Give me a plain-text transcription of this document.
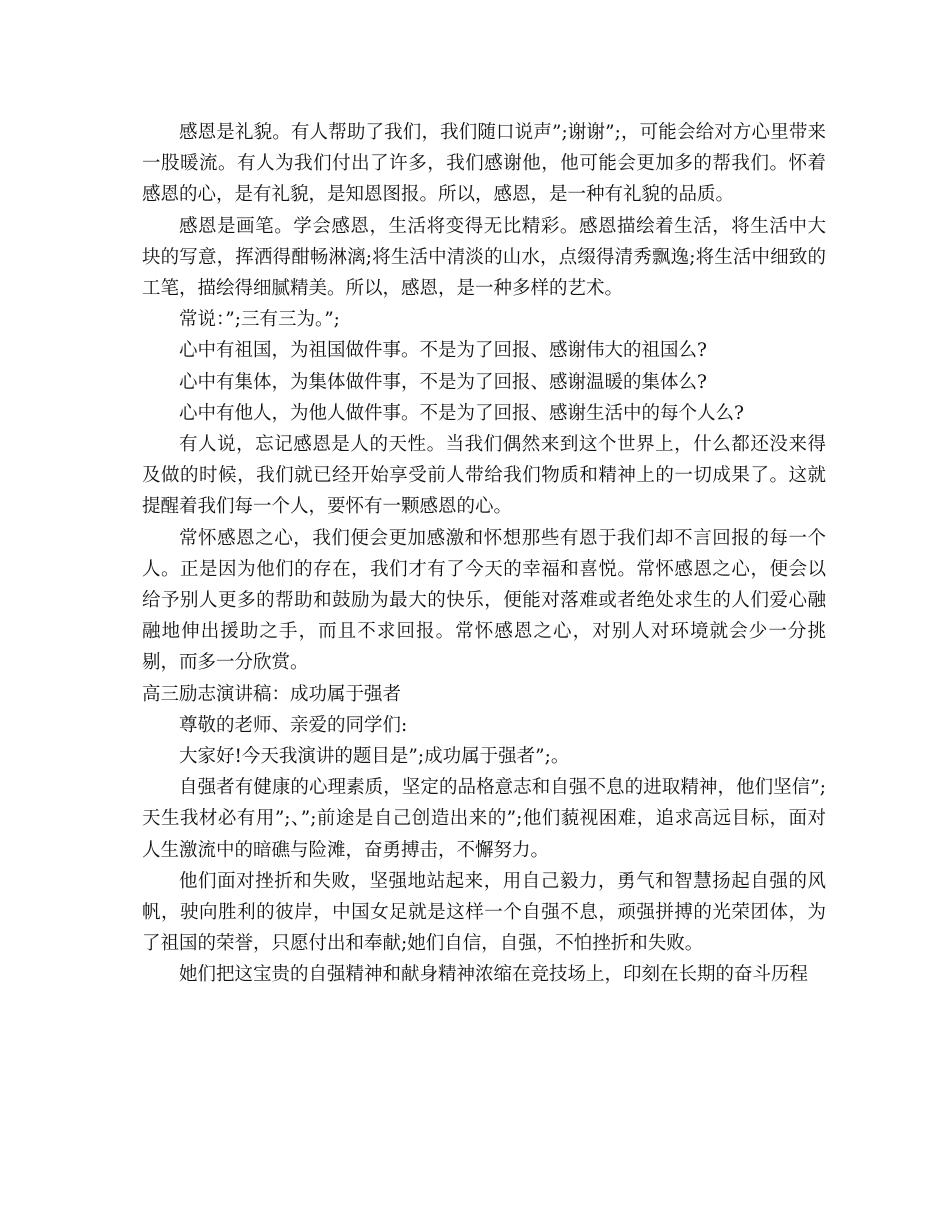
感恩是礼貌。有人帮助了我们，我们随口说声”;谢谢”;，可能会给对方心里带来一股暖流。有人为我们付出了许多，我们感谢他，他可能会更加多的帮我们。怀着感恩的心，是有礼貌，是知恩图报。所以，感恩，是一种有礼貌的品质。

感恩是画笔。学会感恩，生活将变得无比精彩。感恩描绘着生活，将生活中大块的写意，挥洒得酣畅淋漓;将生活中清淡的山水，点缀得清秀飘逸;将生活中细致的工笔，描绘得细腻精美。所以，感恩，是一种多样的艺术。

常说：”;三有三为。”;

心中有祖国，为祖国做件事。不是为了回报、感谢伟大的祖国么?

心中有集体，为集体做件事，不是为了回报、感谢温暖的集体么?

心中有他人，为他人做件事。不是为了回报、感谢生活中的每个人么?

有人说，忘记感恩是人的天性。当我们偶然来到这个世界上，什么都还没来得及做的时候，我们就已经开始享受前人带给我们物质和精神上的一切成果了。这就提醒着我们每一个人，要怀有一颗感恩的心。

常怀感恩之心，我们便会更加感激和怀想那些有恩于我们却不言回报的每一个人。正是因为他们的存在，我们才有了今天的幸福和喜悦。常怀感恩之心，便会以给予别人更多的帮助和鼓励为最大的快乐，便能对落难或者绝处求生的人们爱心融融地伸出援助之手，而且不求回报。常怀感恩之心，对别人对环境就会少一分挑剔，而多一分欣赏。

高三励志演讲稿：成功属于强者

尊敬的老师、亲爱的同学们:

大家好!今天我演讲的题目是”;成功属于强者”;。

自强者有健康的心理素质，坚定的品格意志和自强不息的进取精神，他们坚信”;天生我材必有用”;、”;前途是自己创造出来的”;他们藐视困难，追求高远目标，面对人生激流中的暗礁与险滩，奋勇搏击，不懈努力。

他们面对挫折和失败，坚强地站起来，用自己毅力，勇气和智慧扬起自强的风帆，驶向胜利的彼岸，中国女足就是这样一个自强不息，顽强拼搏的光荣团体，为了祖国的荣誉，只愿付出和奉献;她们自信，自强，不怕挫折和失败。

她们把这宝贵的自强精神和献身精神浓缩在竞技场上，印刻在长期的奋斗历程
